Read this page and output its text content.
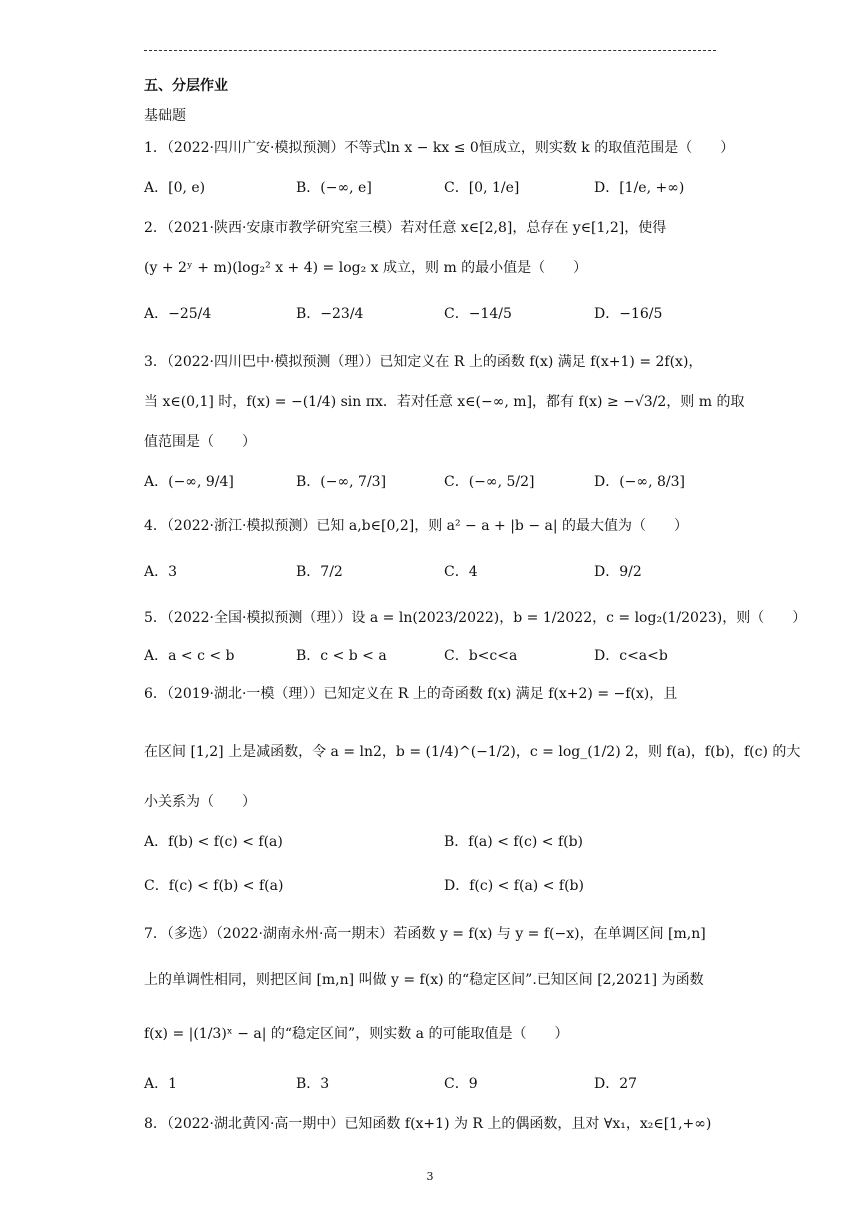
五、分层作业
基础题
1．（2022·四川广安·模拟预测）不等式ln x − kx ≤ 0恒成立，则实数 k 的取值范围是（　　）
A．[0, e)	B．(−∞, e]	C．[0, 1/e]	D．[1/e, +∞)
2．（2021·陕西·安康市教学研究室三模）若对任意 x∈[2,8]，总存在 y∈[1,2]，使得
(y + 2ʸ + m)(log₂² x + 4) = log₂ x 成立，则 m 的最小值是（　　）
A．−25/4	B．−23/4	C．−14/5	D．−16/5
3．（2022·四川巴中·模拟预测（理））已知定义在 R 上的函数 f(x) 满足 f(x+1) = 2f(x)，
当 x∈(0,1] 时，f(x) = −(1/4) sin πx．若对任意 x∈(−∞, m]，都有 f(x) ≥ −√3/2，则 m 的取
值范围是（　　）
A．(−∞, 9/4]	B．(−∞, 7/3]	C．(−∞, 5/2]	D．(−∞, 8/3]
4．（2022·浙江·模拟预测）已知 a,b∈[0,2]，则 a² − a + |b − a| 的最大值为（　　）
A．3	B．7/2	C．4	D．9/2
5．（2022·全国·模拟预测（理））设 a = ln(2023/2022)，b = 1/2022，c = log₂(1/2023)，则（　　）
A．a < c < b	B．c < b < a	C．b<c<a	D．c<a<b
6．（2019·湖北·一模（理））已知定义在 R 上的奇函数 f(x) 满足 f(x+2) = −f(x)，且
在区间 [1,2] 上是减函数，令 a = ln2，b = (1/4)^(−1/2)，c = log_(1/2) 2，则 f(a)，f(b)，f(c) 的大
小关系为（　　）
A．f(b) < f(c) < f(a)	B．f(a) < f(c) < f(b)
C．f(c) < f(b) < f(a)	D．f(c) < f(a) < f(b)
7．（多选）（2022·湖南永州·高一期末）若函数 y = f(x) 与 y = f(−x)，在单调区间 [m,n]
上的单调性相同，则把区间 [m,n] 叫做 y = f(x) 的“稳定区间”.已知区间 [2,2021] 为函数
f(x) = |(1/3)ˣ − a| 的“稳定区间”，则实数 a 的可能取值是（　　）
A．1	B．3	C．9	D．27
8．（2022·湖北黄冈·高一期中）已知函数 f(x+1) 为 R 上的偶函数，且对 ∀x₁，x₂∈[1,+∞)
3
